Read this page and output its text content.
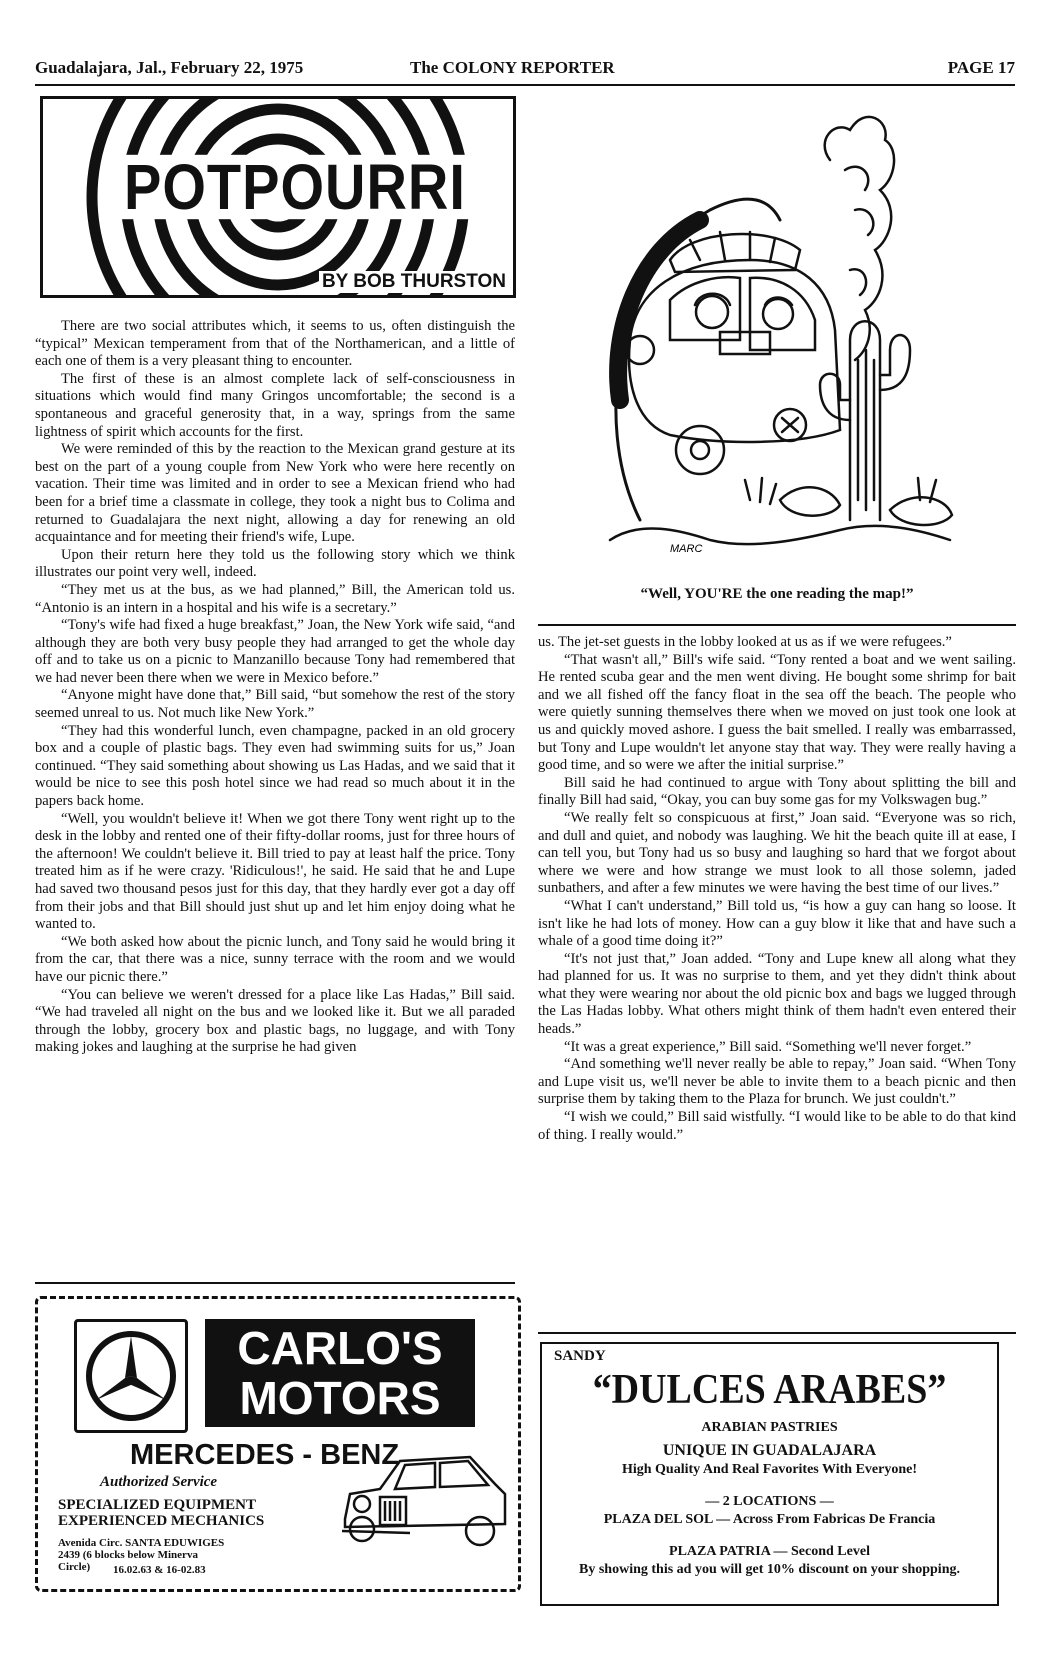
Guadalajara, Jal., February 22, 1975	The COLONY REPORTER	PAGE 17
POTPOURRI
BY BOB THURSTON

There are two social attributes which, it seems to us, often distinguish the “typical” Mexican temperament from that of the Northamerican, and a little of each one of them is a very pleasant thing to encounter.

The first of these is an almost complete lack of self-consciousness in situations which would find many Gringos uncomfortable; the second is a spontaneous and graceful generosity that, in a way, springs from the same lightness of spirit which accounts for the first.

We were reminded of this by the reaction to the Mexican grand gesture at its best on the part of a young couple from New York who were here recently on vacation. Their time was limited and in order to see a Mexican friend who had been for a brief time a classmate in college, they took a night bus to Colima and returned to Guadalajara the next night, allowing a day for renewing an old acquaintance and for meeting their friend's wife, Lupe.

Upon their return here they told us the following story which we think illustrates our point very well, indeed.

“They met us at the bus, as we had planned,” Bill, the American told us. “Antonio is an intern in a hospital and his wife is a secretary.”

“Tony's wife had fixed a huge breakfast,” Joan, the New York wife said, “and although they are both very busy people they had arranged to get the whole day off and to take us on a picnic to Manzanillo because Tony had remembered that we had never been there when we were in Mexico before.”

“Anyone might have done that,” Bill said, “but somehow the rest of the story seemed unreal to us. Not much like New York.”

“They had this wonderful lunch, even champagne, packed in an old grocery box and a couple of plastic bags. They even had swimming suits for us,” Joan continued. “They said something about showing us Las Hadas, and we said that it would be nice to see this posh hotel since we had read so much about it in the papers back home.

“Well, you wouldn't believe it! When we got there Tony went right up to the desk in the lobby and rented one of their fifty-dollar rooms, just for three hours of the afternoon! We couldn't believe it. Bill tried to pay at least half the price. Tony treated him as if he were crazy. 'Ridiculous!', he said. He said that he and Lupe had saved two thousand pesos just for this day, that they hardly ever got a day off from their jobs and that Bill should just shut up and let him enjoy doing what he wanted to.

“We both asked how about the picnic lunch, and Tony said he would bring it from the car, that there was a nice, sunny terrace with the room and we would have our picnic there.”

“You can believe we weren't dressed for a place like Las Hadas,” Bill said. “We had traveled all night on the bus and we looked like it. But we all paraded through the lobby, grocery box and plastic bags, no luggage, and with Tony making jokes and laughing at the surprise he had given

MARC
“Well, YOU'RE the one reading the map!”

us. The jet-set guests in the lobby looked at us as if we were refugees.”

“That wasn't all,” Bill's wife said. “Tony rented a boat and we went sailing. He rented scuba gear and the men went diving. He bought some shrimp for bait and we all fished off the fancy float in the sea off the beach. The people who were quietly sunning themselves there when we moved on just took one look at us and quickly moved ashore. I guess the bait smelled. I really was embarrassed, but Tony and Lupe wouldn't let anyone stay that way. They were really having a good time, and so were we after the initial surprise.”

Bill said he had continued to argue with Tony about splitting the bill and finally Bill had said, “Okay, you can buy some gas for my Volkswagen bug.”

“We really felt so conspicuous at first,” Joan said. “Everyone was so rich, and dull and quiet, and nobody was laughing. We hit the beach quite ill at ease, I can tell you, but Tony had us so busy and laughing so hard that we forgot about where we were and how strange we must look to all those solemn, jaded sunbathers, and after a few minutes we were having the best time of our lives.”

“What I can't understand,” Bill told us, “is how a guy can hang so loose. It isn't like he had lots of money. How can a guy blow it like that and have such a whale of a good time doing it?”

“It's not just that,” Joan added. “Tony and Lupe knew all along what they had planned for us. It was no surprise to them, and yet they didn't think about what they were wearing nor about the old picnic box and bags we lugged through the Las Hadas lobby. What others might think of them hadn't even entered their heads.”

“It was a great experience,” Bill said. “Something we'll never forget.”

“And something we'll never really be able to repay,” Joan said. “When Tony and Lupe visit us, we'll never be able to invite them to a beach picnic and then surprise them by taking them to the Plaza for brunch. We just couldn't.”

“I wish we could,” Bill said wistfully. “I would like to be able to do that kind of thing. I really would.”

CARLO'S
MOTORS
MERCEDES - BENZ
Authorized Service
SPECIALIZED EQUIPMENT
EXPERIENCED MECHANICS
Avenida Circ. SANTA EDUWIGES
2439 (6 blocks below Minerva
Circle)	16.02.63 & 16-02.83
SANDY
“DULCES ARABES”
ARABIAN PASTRIES
UNIQUE IN GUADALAJARA
High Quality And Real Favorites With Everyone!
— 2 LOCATIONS —
PLAZA DEL SOL — Across From Fabricas De Francia
PLAZA PATRIA — Second Level
By showing this ad you will get 10% discount on your shopping.
